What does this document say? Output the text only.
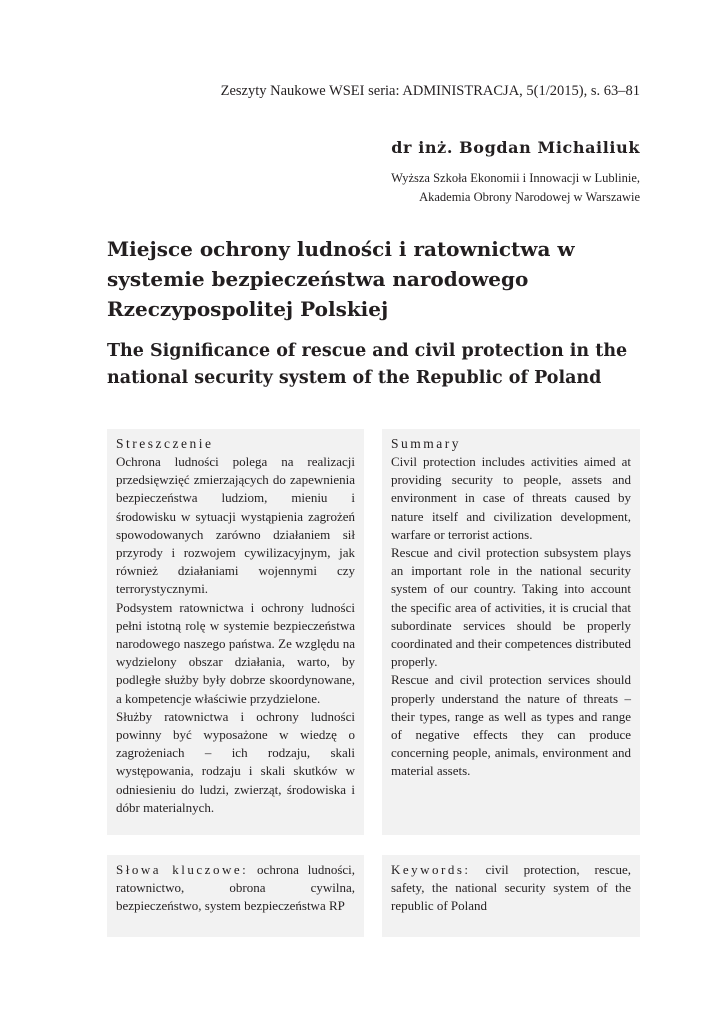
Zeszyty Naukowe WSEI seria: ADMINISTRACJA, 5(1/2015), s. 63–81
dr inż. Bogdan Michailiuk
Wyższa Szkoła Ekonomii i Innowacji w Lublinie,
Akademia Obrony Narodowej w Warszawie
Miejsce ochrony ludności i ratownictwa w systemie bezpieczeństwa narodowego Rzeczypospolitej Polskiej
The Significance of rescue and civil protection in the national security system of the Republic of Poland
Streszczenie

Ochrona ludności polega na realizacji przedsięwzięć zmierzających do zapewnienia bezpieczeństwa ludziom, mieniu i środowisku w sytuacji wystąpienia zagrożeń spowodowanych zarówno działaniem sił przyrody i rozwojem cywilizacyjnym, jak również działaniami wojennymi czy terrorystycznymi.

Podsystem ratownictwa i ochrony ludności pełni istotną rolę w systemie bezpieczeństwa narodowego naszego państwa. Ze względu na wydzielony obszar działania, warto, by podległe służby były dobrze skoordynowane, a kompetencje właściwie przydzielone.

Służby ratownictwa i ochrony ludności powinny być wyposażone w wiedzę o zagrożeniach – ich rodzaju, skali występowania, rodzaju i skali skutków w odniesieniu do ludzi, zwierząt, środowiska i dóbr materialnych.

Summary

Civil protection includes activities aimed at providing security to people, assets and environment in case of threats caused by nature itself and civilization development, warfare or terrorist actions.

Rescue and civil protection subsystem plays an important role in the national security system of our country. Taking into account the specific area of activities, it is crucial that subordinate services should be properly coordinated and their competences distributed properly.

Rescue and civil protection services should properly understand the nature of threats – their types, range as well as types and range of negative effects they can produce concerning people, animals, environment and material assets.

Słowa kluczowe: ochrona ludności, ratownictwo, obrona cywilna, bezpieczeństwo, system bezpieczeństwa RP

Keywords: civil protection, rescue, safety, the national security system of the republic of Poland
